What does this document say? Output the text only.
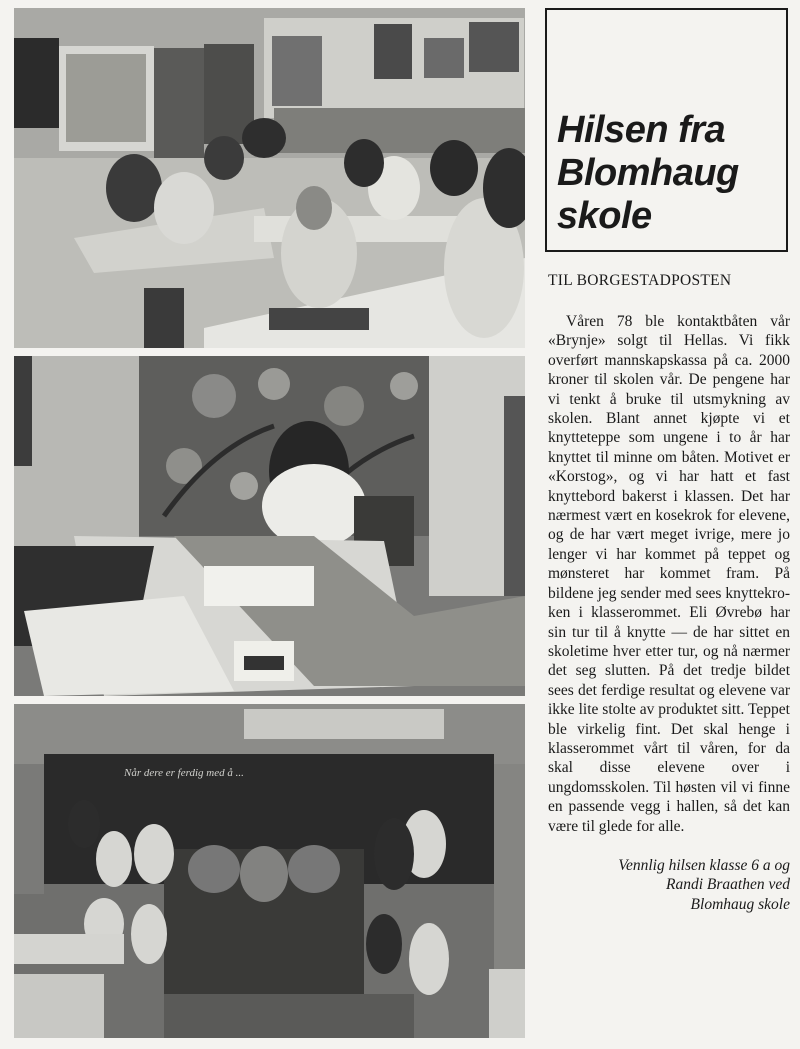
Når dere er ferdig med å ...
Hilsen fra
Blomhaug
skole

TIL BORGESTADPOSTEN

Våren 78 ble kontaktbåten vår «Brynje» solgt til Hellas. Vi fikk overført mannskapskassa på ca. 2000 kroner til skolen vår. De pengene har vi tenkt å bruke til utsmykning av skolen. Blant annet kjøpte vi et knytteteppe som ungene i to år har knyttet til minne om båten. Motivet er «Korstog», og vi har hatt et fast knyttebord bakerst i klassen. Det har nærmest vært en kosekrok for elevene, og de har vært meget ivrige, mere jo lenger vi har kommet på teppet og mønsteret har kommet fram. På bildene jeg sender med sees knyttekroken i klasserommet. Eli Øvrebø har sin tur til å knytte — de har sittet en skoletime hver etter tur, og nå nærmer det seg slutten. På det tredje bildet sees det ferdige resultat og elevene var ikke lite stolte av produktet sitt. Teppet ble virkelig fint. Det skal henge i klasserommet vårt til våren, for da skal disse elevene over i ungdomsskolen. Til høsten vil vi finne en passende vegg i hallen, så det kan være til glede for alle.

Vennlig hilsen klasse 6 a og
Randi Braathen ved
Blomhaug skole
